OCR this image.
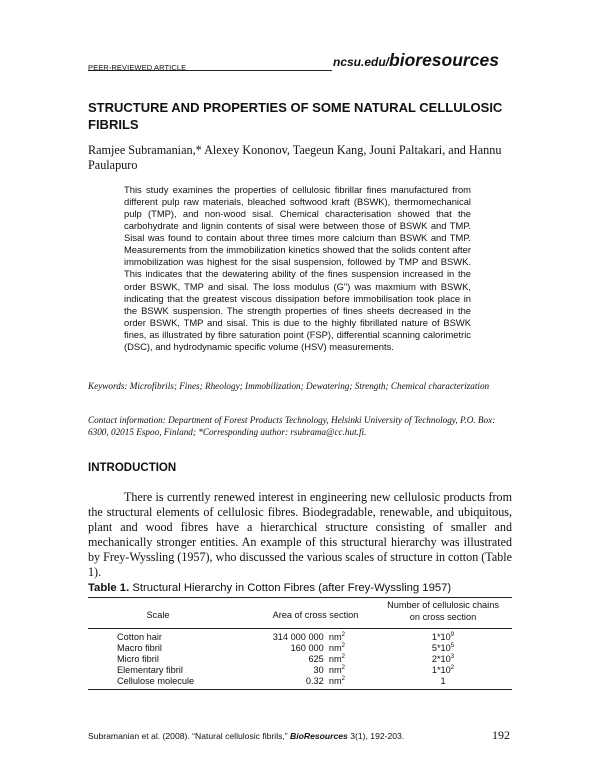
PEER-REVIEWED ARTICLE	ncsu.edu/bioresources
STRUCTURE AND PROPERTIES OF SOME NATURAL CELLULOSIC FIBRILS
Ramjee Subramanian,* Alexey Kononov, Taegeun Kang, Jouni Paltakari, and Hannu Paulapuro

This study examines the properties of cellulosic fibrillar fines manufactured from different pulp raw materials, bleached softwood kraft (BSWK), thermomechanical pulp (TMP), and non-wood sisal. Chemical characterisation showed that the carbohydrate and lignin contents of sisal were between those of BSWK and TMP. Sisal was found to contain about three times more calcium than BSWK and TMP. Measurements from the immobilization kinetics showed that the solids content after immobilization was highest for the sisal suspension, followed by TMP and BSWK. This indicates that the dewatering ability of the fines suspension increased in the order BSWK, TMP and sisal. The loss modulus (G") was maxmium with BSWK, indicating that the greatest viscous dissipation before immobilisation took place in the BSWK suspension. The strength properties of fines sheets decreased in the order BSWK, TMP and sisal. This is due to the highly fibrillated nature of BSWK fines, as illustrated by fibre saturation point (FSP), differential scanning calorimetric (DSC), and hydrodynamic specific volume (HSV) measurements.

Keywords: Microfibrils; Fines; Rheology; Immobilization; Dewatering; Strength; Chemical characterization

Contact information: Department of Forest Products Technology, Helsinki University of Technology, P.O. Box: 6300, 02015 Espoo, Finland; *Corresponding author: rsubrama@cc.hut.fi.

INTRODUCTION

There is currently renewed interest in engineering new cellulosic products from the structural elements of cellulosic fibres. Biodegradable, renewable, and ubiquitous, plant and wood fibres have a hierarchical structure consisting of smaller and mechanically stronger entities. An example of this structural hierarchy was illustrated by Frey-Wyssling (1957), who discussed the various scales of structure in cotton (Table 1).

Table 1. Structural Hierarchy in Cotton Fibres (after Frey-Wyssling 1957)
Scale	Area of cross section
Number of cellulosic chains
on cross section
Cotton hair	314 000 000 $nm^2$	$1*10^9$
Macro fibril	160 000 $nm^2$	$5*10^5$
Micro fibril	625 $nm^2$	$2*10^3$
Elementary fibril	30 $nm^2$	$1*10^2$
Cellulose molecule	0.32 $nm^2$	1
Subramanian et al. (2008). “Natural cellulosic fibrils,” BioResources 3(1), 192-203.	192
